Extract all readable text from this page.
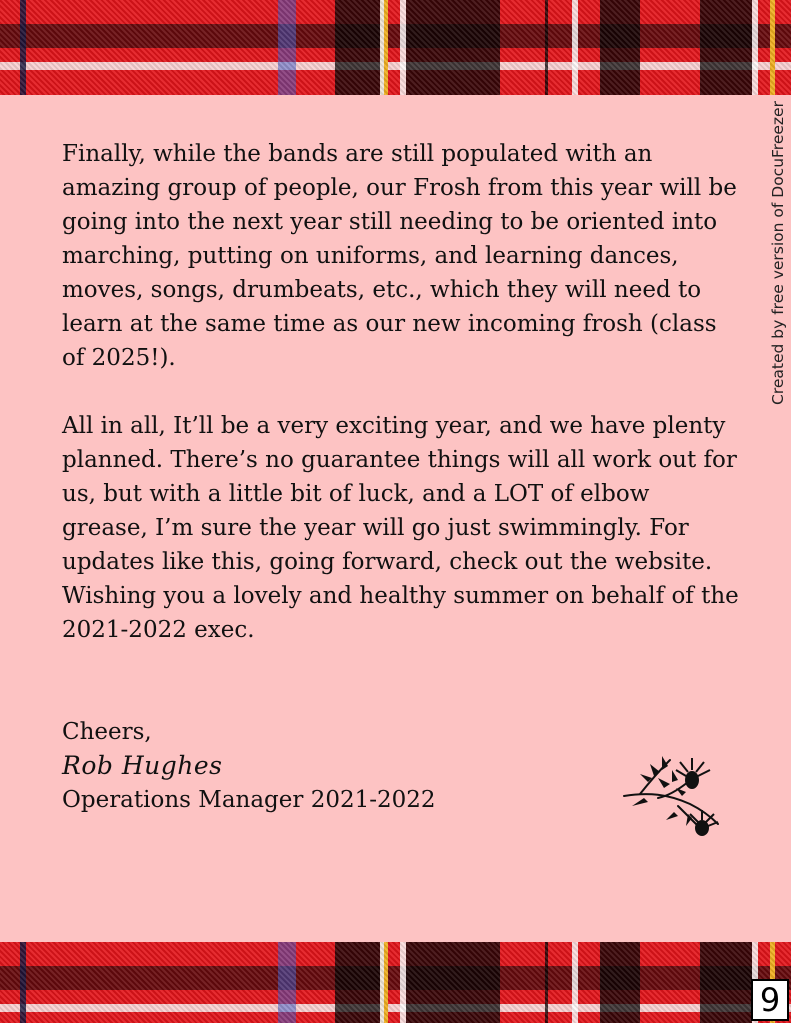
Finally, while the bands are still populated with an amazing group of people, our Frosh from this year will be going into the next year still needing to be oriented into marching, putting on uniforms, and learning dances, moves, songs, drumbeats, etc., which they will need to learn at the same time as our new incoming frosh (class of 2025!).

All in all, It’ll be a very exciting year, and we have plenty planned. There’s no guarantee things will all work out for us, but with a little bit of luck, and a LOT of elbow grease, I’m sure the year will go just swimmingly. For updates like this, going forward, check out the website.

Wishing you a lovely and healthy summer on behalf of the 2021-2022 exec.

Cheers,

Rob Hughes

Operations Manager 2021-2022

Created by free version of DocuFreezer
9
